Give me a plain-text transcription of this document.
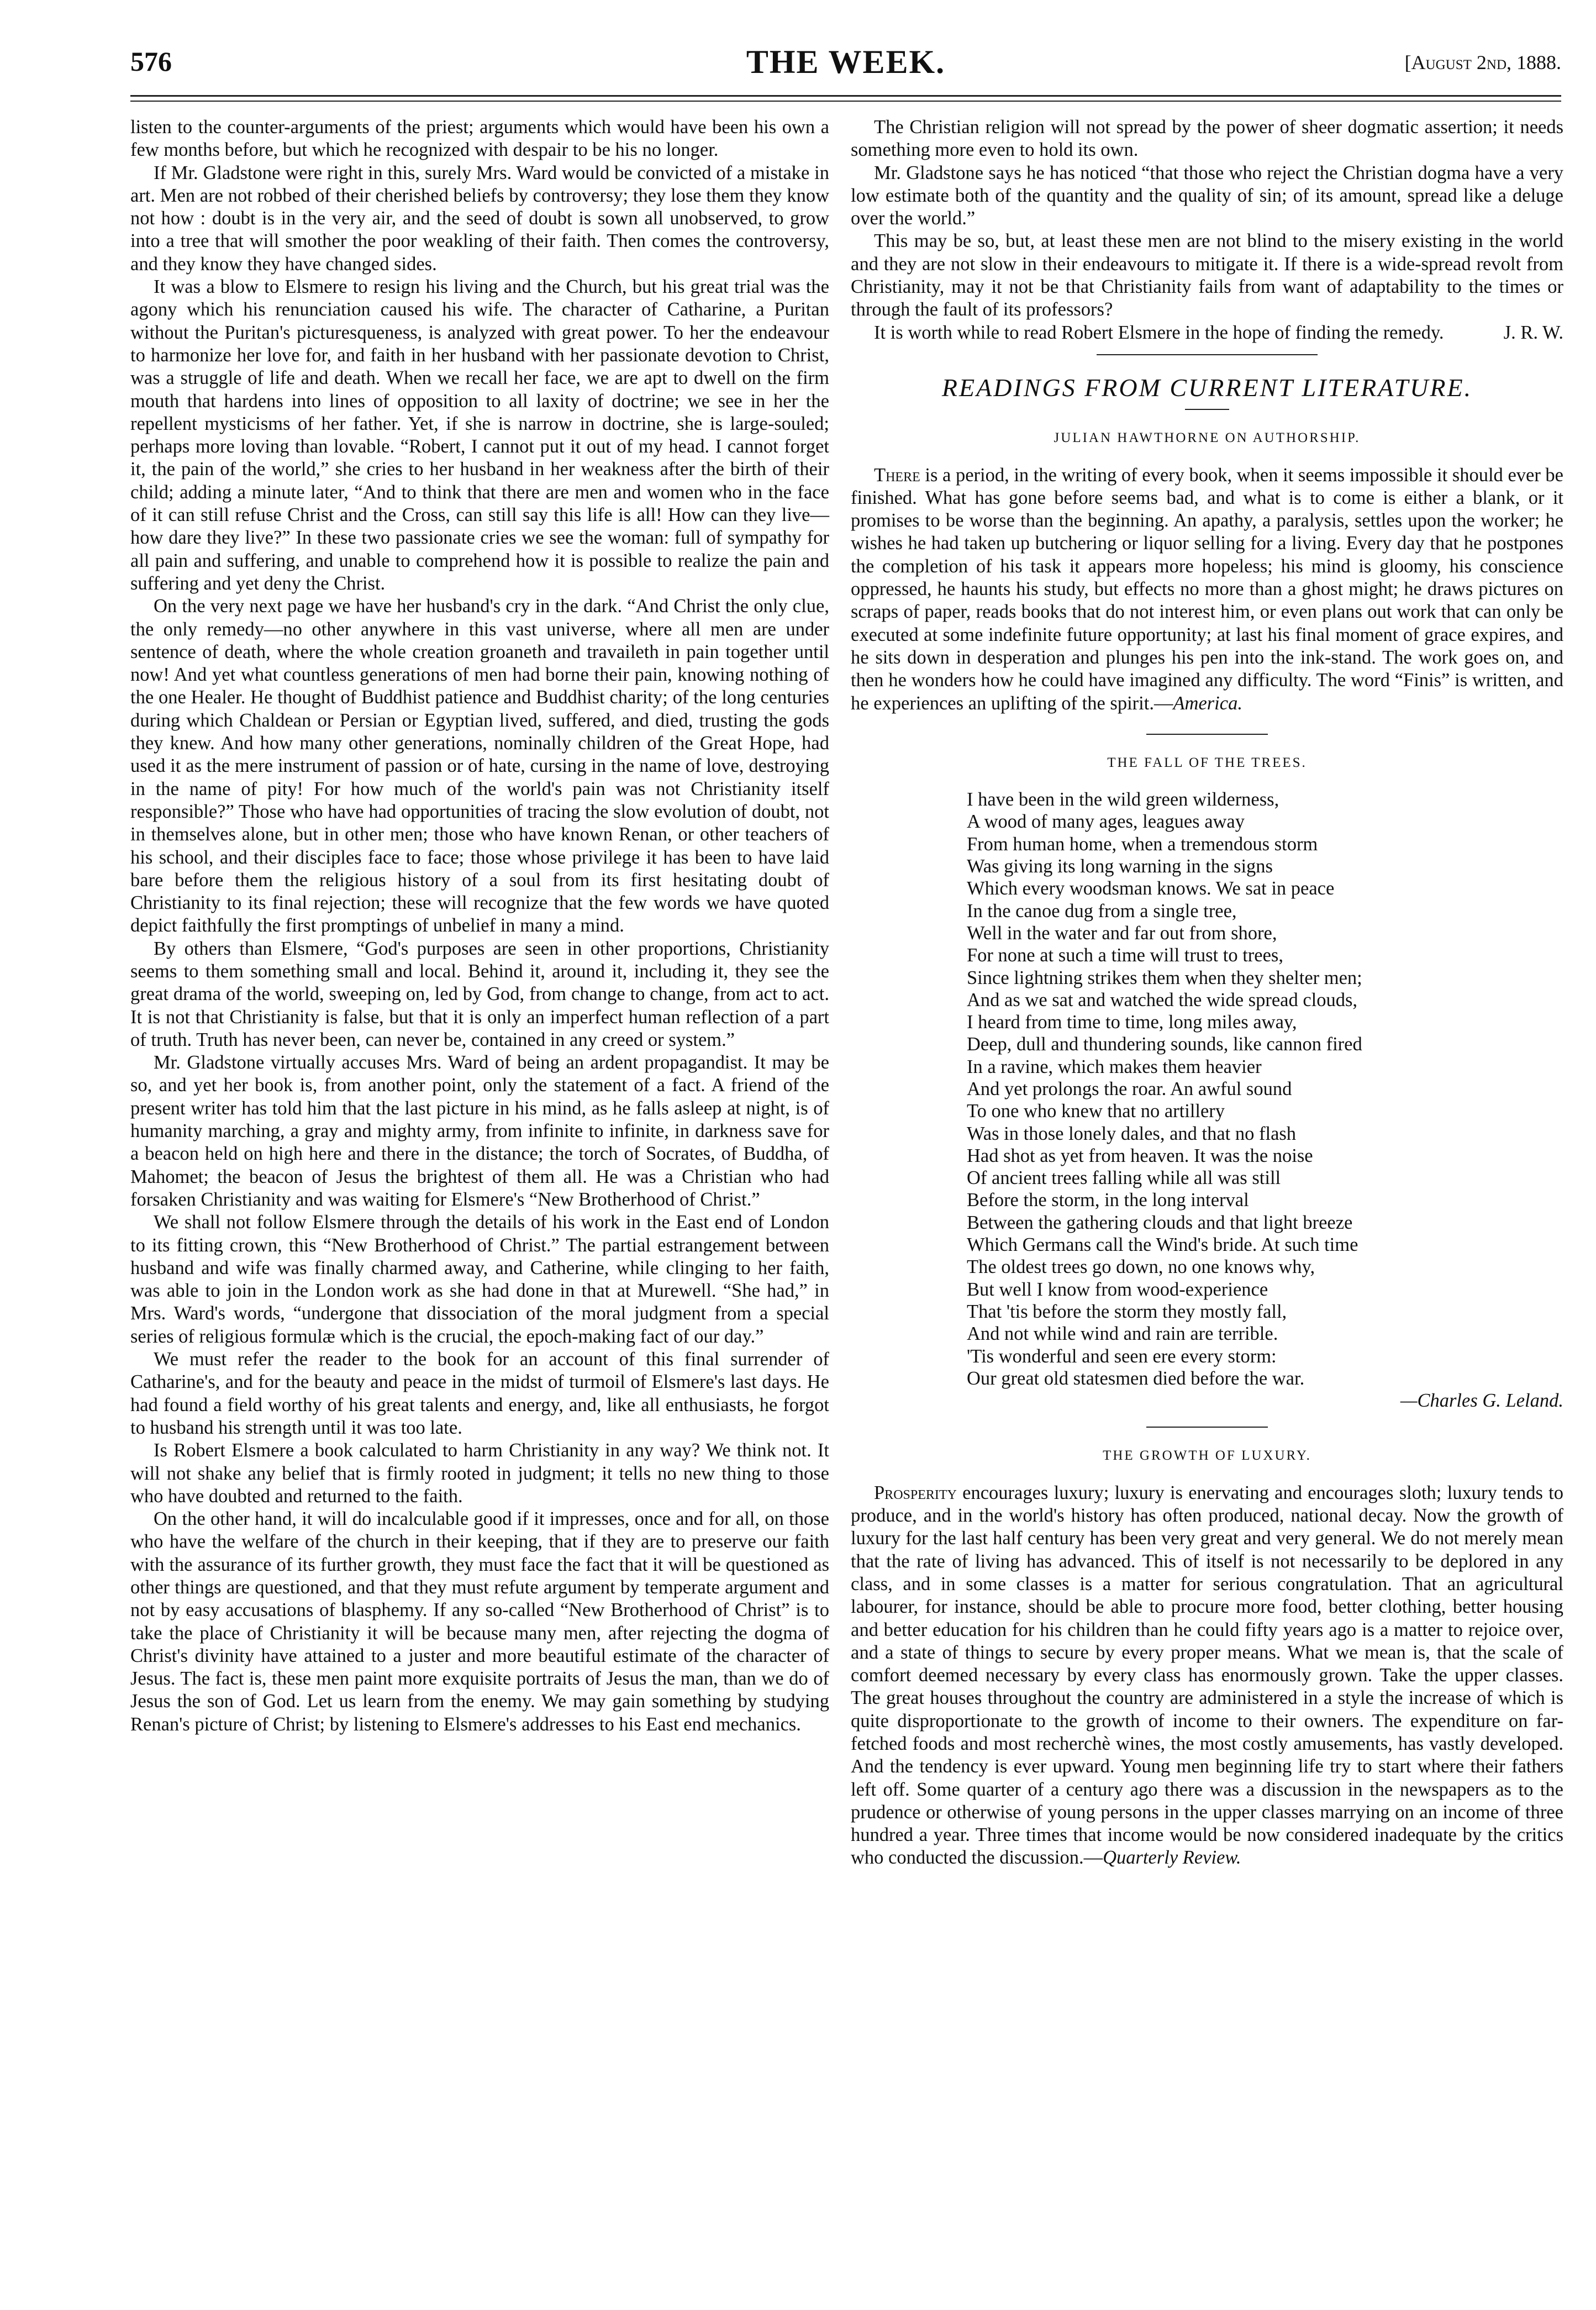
576	THE WEEK.	[August 2nd, 1888.

listen to the counter-arguments of the priest; arguments which would have been his own a few months before, but which he recognized with despair to be his no longer.

If Mr. Gladstone were right in this, surely Mrs. Ward would be convicted of a mistake in art. Men are not robbed of their cherished beliefs by controversy; they lose them they know not how : doubt is in the very air, and the seed of doubt is sown all unobserved, to grow into a tree that will smother the poor weakling of their faith. Then comes the controversy, and they know they have changed sides.

It was a blow to Elsmere to resign his living and the Church, but his great trial was the agony which his renunciation caused his wife. The character of Catharine, a Puritan without the Puritan's picturesqueness, is analyzed with great power. To her the endeavour to harmonize her love for, and faith in her husband with her passionate devotion to Christ, was a struggle of life and death. When we recall her face, we are apt to dwell on the firm mouth that hardens into lines of opposition to all laxity of doctrine; we see in her the repellent mysticisms of her father. Yet, if she is narrow in doctrine, she is large-souled; perhaps more loving than lovable. “Robert, I cannot put it out of my head. I cannot forget it, the pain of the world,” she cries to her husband in her weakness after the birth of their child; adding a minute later, “And to think that there are men and women who in the face of it can still refuse Christ and the Cross, can still say this life is all! How can they live—how dare they live?” In these two passionate cries we see the woman: full of sympathy for all pain and suffering, and unable to comprehend how it is possible to realize the pain and suffering and yet deny the Christ.

On the very next page we have her husband's cry in the dark. “And Christ the only clue, the only remedy—no other anywhere in this vast universe, where all men are under sentence of death, where the whole creation groaneth and travaileth in pain together until now! And yet what countless generations of men had borne their pain, knowing nothing of the one Healer. He thought of Buddhist patience and Buddhist charity; of the long centuries during which Chaldean or Persian or Egyptian lived, suffered, and died, trusting the gods they knew. And how many other generations, nominally children of the Great Hope, had used it as the mere instrument of passion or of hate, cursing in the name of love, destroying in the name of pity! For how much of the world's pain was not Christianity itself responsible?” Those who have had opportunities of tracing the slow evolution of doubt, not in themselves alone, but in other men; those who have known Renan, or other teachers of his school, and their disciples face to face; those whose privilege it has been to have laid bare before them the religious history of a soul from its first hesitating doubt of Christianity to its final rejection; these will recognize that the few words we have quoted depict faithfully the first promptings of unbelief in many a mind.

By others than Elsmere, “God's purposes are seen in other proportions, Christianity seems to them something small and local. Behind it, around it, including it, they see the great drama of the world, sweeping on, led by God, from change to change, from act to act. It is not that Christianity is false, but that it is only an imperfect human reflection of a part of truth. Truth has never been, can never be, contained in any creed or system.”

Mr. Gladstone virtually accuses Mrs. Ward of being an ardent propagandist. It may be so, and yet her book is, from another point, only the statement of a fact. A friend of the present writer has told him that the last picture in his mind, as he falls asleep at night, is of humanity marching, a gray and mighty army, from infinite to infinite, in darkness save for a beacon held on high here and there in the distance; the torch of Socrates, of Buddha, of Mahomet; the beacon of Jesus the brightest of them all. He was a Christian who had forsaken Christianity and was waiting for Elsmere's “New Brotherhood of Christ.”

We shall not follow Elsmere through the details of his work in the East end of London to its fitting crown, this “New Brotherhood of Christ.” The partial estrangement between husband and wife was finally charmed away, and Catherine, while clinging to her faith, was able to join in the London work as she had done in that at Murewell. “She had,” in Mrs. Ward's words, “undergone that dissociation of the moral judgment from a special series of religious formulæ which is the crucial, the epoch-making fact of our day.”

We must refer the reader to the book for an account of this final surrender of Catharine's, and for the beauty and peace in the midst of turmoil of Elsmere's last days. He had found a field worthy of his great talents and energy, and, like all enthusiasts, he forgot to husband his strength until it was too late.

Is Robert Elsmere a book calculated to harm Christianity in any way? We think not. It will not shake any belief that is firmly rooted in judgment; it tells no new thing to those who have doubted and returned to the faith.

On the other hand, it will do incalculable good if it impresses, once and for all, on those who have the welfare of the church in their keeping, that if they are to preserve our faith with the assurance of its further growth, they must face the fact that it will be questioned as other things are questioned, and that they must refute argument by temperate argument and not by easy accusations of blasphemy. If any so-called “New Brotherhood of Christ” is to take the place of Christianity it will be because many men, after rejecting the dogma of Christ's divinity have attained to a juster and more beautiful estimate of the character of Jesus. The fact is, these men paint more exquisite portraits of Jesus the man, than we do of Jesus the son of God. Let us learn from the enemy. We may gain something by studying Renan's picture of Christ; by listening to Elsmere's addresses to his East end mechanics.

The Christian religion will not spread by the power of sheer dogmatic assertion; it needs something more even to hold its own.

Mr. Gladstone says he has noticed “that those who reject the Christian dogma have a very low estimate both of the quantity and the quality of sin; of its amount, spread like a deluge over the world.”

This may be so, but, at least these men are not blind to the misery existing in the world and they are not slow in their endeavours to mitigate it. If there is a wide-spread revolt from Christianity, may it not be that Christianity fails from want of adaptability to the times or through the fault of its professors?

It is worth while to read Robert Elsmere in the hope of finding the remedy.	J. R. W.

READINGS FROM CURRENT LITERATURE.
JULIAN HAWTHORNE ON AUTHORSHIP.

There is a period, in the writing of every book, when it seems impossible it should ever be finished. What has gone before seems bad, and what is to come is either a blank, or it promises to be worse than the beginning. An apathy, a paralysis, settles upon the worker; he wishes he had taken up butchering or liquor selling for a living. Every day that he postpones the completion of his task it appears more hopeless; his mind is gloomy, his conscience oppressed, he haunts his study, but effects no more than a ghost might; he draws pictures on scraps of paper, reads books that do not interest him, or even plans out work that can only be executed at some indefinite future opportunity; at last his final moment of grace expires, and he sits down in desperation and plunges his pen into the ink-stand. The work goes on, and then he wonders how he could have imagined any difficulty. The word “Finis” is written, and he experiences an uplifting of the spirit.—America.

THE FALL OF THE TREES.
I have been in the wild green wilderness,
A wood of many ages, leagues away
From human home, when a tremendous storm
Was giving its long warning in the signs
Which every woodsman knows. We sat in peace
In the canoe dug from a single tree,
Well in the water and far out from shore,
For none at such a time will trust to trees,
Since lightning strikes them when they shelter men;
And as we sat and watched the wide spread clouds,
I heard from time to time, long miles away,
Deep, dull and thundering sounds, like cannon fired
In a ravine, which makes them heavier
And yet prolongs the roar. An awful sound
To one who knew that no artillery
Was in those lonely dales, and that no flash
Had shot as yet from heaven. It was the noise
Of ancient trees falling while all was still
Before the storm, in the long interval
Between the gathering clouds and that light breeze
Which Germans call the Wind's bride. At such time
The oldest trees go down, no one knows why,
But well I know from wood-experience
That 'tis before the storm they mostly fall,
And not while wind and rain are terrible.
'Tis wonderful and seen ere every storm:
Our great old statesmen died before the war.
—Charles G. Leland.
THE GROWTH OF LUXURY.

Prosperity encourages luxury; luxury is enervating and encourages sloth; luxury tends to produce, and in the world's history has often produced, national decay. Now the growth of luxury for the last half century has been very great and very general. We do not merely mean that the rate of living has advanced. This of itself is not necessarily to be deplored in any class, and in some classes is a matter for serious congratulation. That an agricultural labourer, for instance, should be able to procure more food, better clothing, better housing and better education for his children than he could fifty years ago is a matter to rejoice over, and a state of things to secure by every proper means. What we mean is, that the scale of comfort deemed necessary by every class has enormously grown. Take the upper classes. The great houses throughout the country are administered in a style the increase of which is quite disproportionate to the growth of income to their owners. The expenditure on far-fetched foods and most recherchè wines, the most costly amusements, has vastly developed. And the tendency is ever upward. Young men beginning life try to start where their fathers left off. Some quarter of a century ago there was a discussion in the newspapers as to the prudence or otherwise of young persons in the upper classes marrying on an income of three hundred a year. Three times that income would be now considered inadequate by the critics who conducted the discussion.—Quarterly Review.
